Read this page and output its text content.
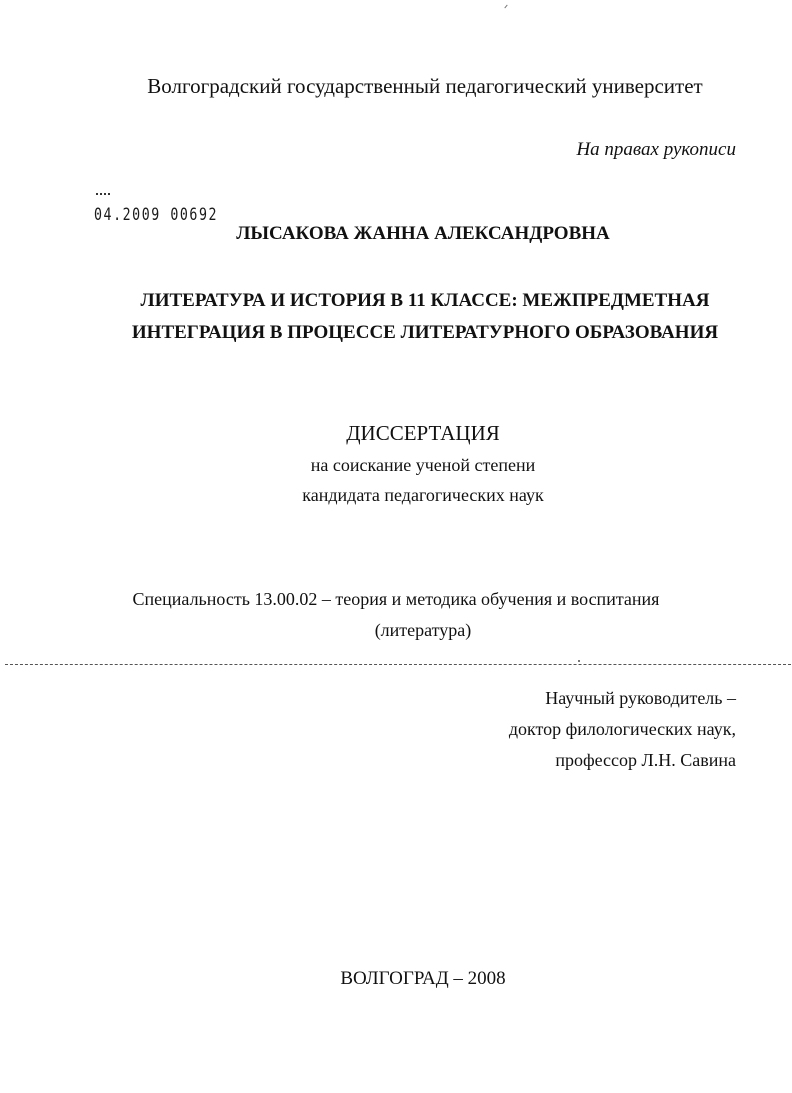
Волгоградский государственный педагогический университет
На правах рукописи
04.2009 00692
ЛЫСАКОВА ЖАННА АЛЕКСАНДРОВНА
ЛИТЕРАТУРА И ИСТОРИЯ В 11 КЛАССЕ: МЕЖПРЕДМЕТНАЯ
ИНТЕГРАЦИЯ В ПРОЦЕССЕ ЛИТЕРАТУРНОГО ОБРАЗОВАНИЯ
ДИССЕРТАЦИЯ
на соискание ученой степени
кандидата педагогических наук
Специальность 13.00.02 – теория и методика обучения и воспитания
(литература)
Научный руководитель –
доктор филологических наук,
профессор Л.Н. Савина
ВОЛГОГРАД – 2008
